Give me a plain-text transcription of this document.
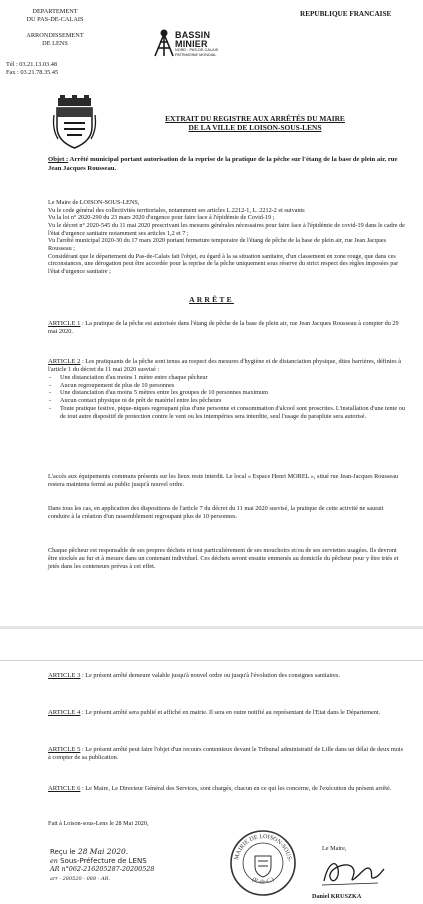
DEPARTEMENT
DU PAS-DE-CALAIS
ARRONDISSEMENT
DE LENS
Tél : 03.21.13.03.48
Fax : 03.21.78.35.45
BASSIN
MINIER
NORD - PAS-DE-CALAIS
PATRIMOINE MONDIAL
REPUBLIQUE FRANCAISE
EXTRAIT DU REGISTRE AUX ARRÊTÉS DU MAIRE
DE LA VILLE DE LOISON-SOUS-LENS
Objet : Arrêté municipal portant autorisation de la reprise de la pratique de la pêche sur l'étang de la base de plein air, rue Jean Jacques Rousseau.
Le Maire de LOISON-SOUS-LENS,
Vu le code général des collectivités territoriales, notamment ses articles L.2212-1, L. 2212-2 et suivants
Vu la loi n° 2020-290 du 23 mars 2020 d'urgence pour faire face à l'épidémie de Covid-19 ;
Vu le décret n° 2020-545 du 11 mai 2020 prescrivant les mesures générales nécessaires pour faire face à l'épidémie de covid-19 dans le cadre de l'état d'urgence sanitaire notamment ses articles 1,2 et 7 ;
Vu l'arrêté municipal 2020-30 du 17 mars 2020 portant fermeture temporaire de l'étang de pêche de la base de plein air, rue Jean Jacques Rousseau ;
Considérant que le département du Pas-de-Calais fait l'objet, eu égard à la sa situation sanitaire, d'un classement en zone rouge, que dans ces circonstances, une dérogation peut être accordée pour la reprise de la pêche uniquement sous réserve du strict respect des règles imposées par l'état d'urgence sanitaire ;
ARRÊTE
ARTICLE 1 : La pratique de la pêche est autorisée dans l'étang de pêche de la base de plein air, rue Jean Jacques Rousseau à compter du 29 mai 2020.
ARTICLE 2 : Les pratiquants de la pêche sont tenus au respect des mesures d'hygiène et de distanciation physique, dites barrières, définies à l'article 1 du décret du 11 mai 2020 susvisé :
- Une distanciation d'au moins 1 mètre entre chaque pêcheur
- Aucun regroupement de plus de 10 personnes
- Une distanciation d'au moins 5 mètres entre les groupes de 10 personnes maximum
- Aucun contact physique ni de prêt de matériel entre les pêcheurs
- Toute pratique festive, pique-niques regroupant plus d'une personne et consommation d'alcool sont proscrites. L'installation d'une tente ou de tout autre dispositif de protection contre le vent ou les intempéries sera interdite, seul l'usage du parapluie sera autorisé.
L'accès aux équipements communs présents sur les lieux reste interdit. Le local « Espace Henri MOREL », situé rue Jean-Jacques Rousseau restera maintenu fermé au public jusqu'à nouvel ordre.
Dans tous les cas, en application des dispositions de l'article 7 du décret du 11 mai 2020 susvisé, la pratique de cette activité ne saurait conduire à la création d'un rassemblement regroupant plus de 10 personnes.
Chaque pêcheur est responsable de ses propres déchets et tout particulièrement de ses mouchoirs et/ou de ses serviettes usagées. Ils devront être stockés au fur et à mesure dans un contenant individuel. Ces déchets seront ensuite emmenés au domicile du pêcheur pour y être triés et jetés dans les conteneurs prévus à cet effet.
ARTICLE 3 : Le présent arrêté demeure valable jusqu'à nouvel ordre ou jusqu'à l'évolution des consignes sanitaires.
ARTICLE 4 : Le présent arrêté sera publié et affiché en mairie. Il sera en outre notifié au représentant de l'Etat dans le Département.
ARTICLE 5 : Le présent arrêté peut faire l'objet d'un recours contentieux devant le Tribunal administratif de Lille dans un délai de deux mois à compter de sa publication.
ARTICLE 6 : Le Maire, Le Directeur Général des Services, sont chargés, chacun en ce qui les concerne, de l'exécution du présent arrêté.
Fait à Loison-sous-Lens le 28 Mai 2020,
Reçu le 28 Mai 2020.
en Sous-Préfecture de LENS
AR n°062-216205287-20200528
arr - 280520 - 088 - AR.
MAIRIE DE LOISON-SOUS-
(P.-de-C.)
Le Maire,
Daniel KRUSZKA
